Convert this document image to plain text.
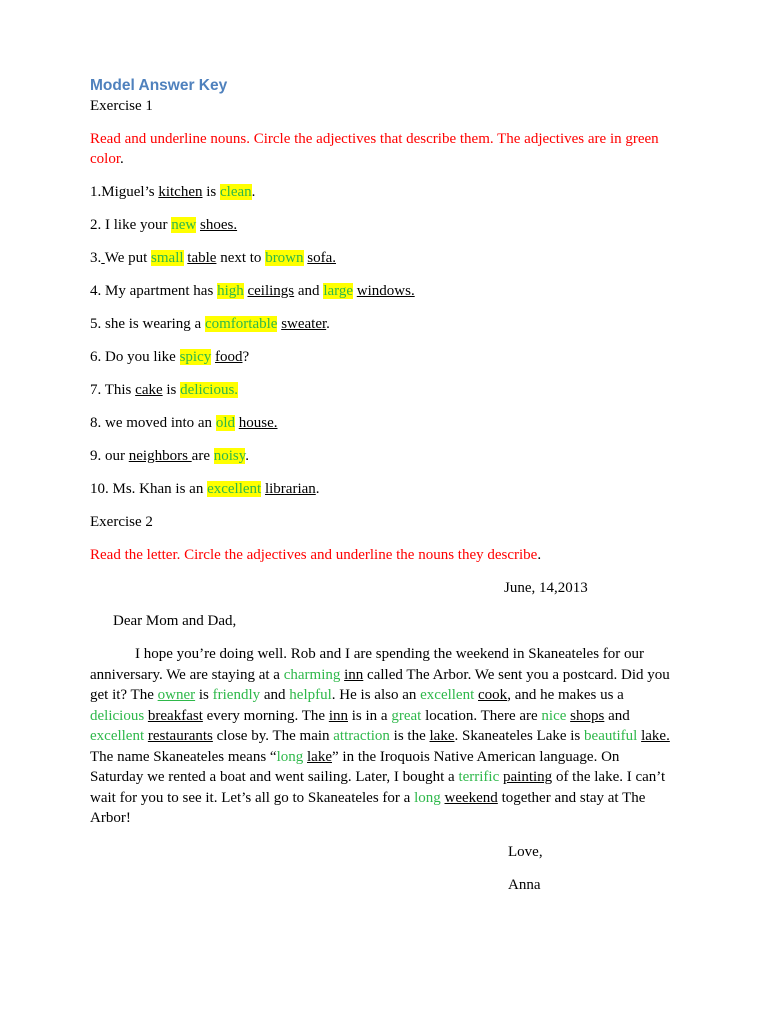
Model Answer Key

Exercise 1

Read and underline nouns. Circle the adjectives that describe them. The adjectives are in green color.

1.Miguel’s kitchen is clean.

2. I like your new shoes.

3. We put small table next to brown sofa.

4. My apartment has high ceilings and large windows.

5. she is wearing a comfortable sweater.

6. Do you like spicy food?

7. This cake is delicious.

8. we moved into an old house.

9. our neighbors are noisy.

10. Ms. Khan is an excellent librarian.

Exercise 2

Read the letter. Circle the adjectives and underline the nouns they describe.

June, 14,2013

Dear Mom and Dad,

I hope you’re doing well. Rob and I are spending the weekend in Skaneateles for our anniversary. We are staying at a charming inn called The Arbor. We sent you a postcard. Did you get it? The owner is friendly and helpful. He is also an excellent cook, and he makes us a delicious breakfast every morning. The inn is in a great location. There are nice shops and excellent restaurants close by. The main attraction is the lake. Skaneateles Lake is beautiful lake. The name Skaneateles means “long lake” in the Iroquois Native American language. On Saturday we rented a boat and went sailing. Later, I bought a terrific painting of the lake. I can’t wait for you to see it. Let’s all go to Skaneateles for a long weekend together and stay at The Arbor!

Love,

Anna
